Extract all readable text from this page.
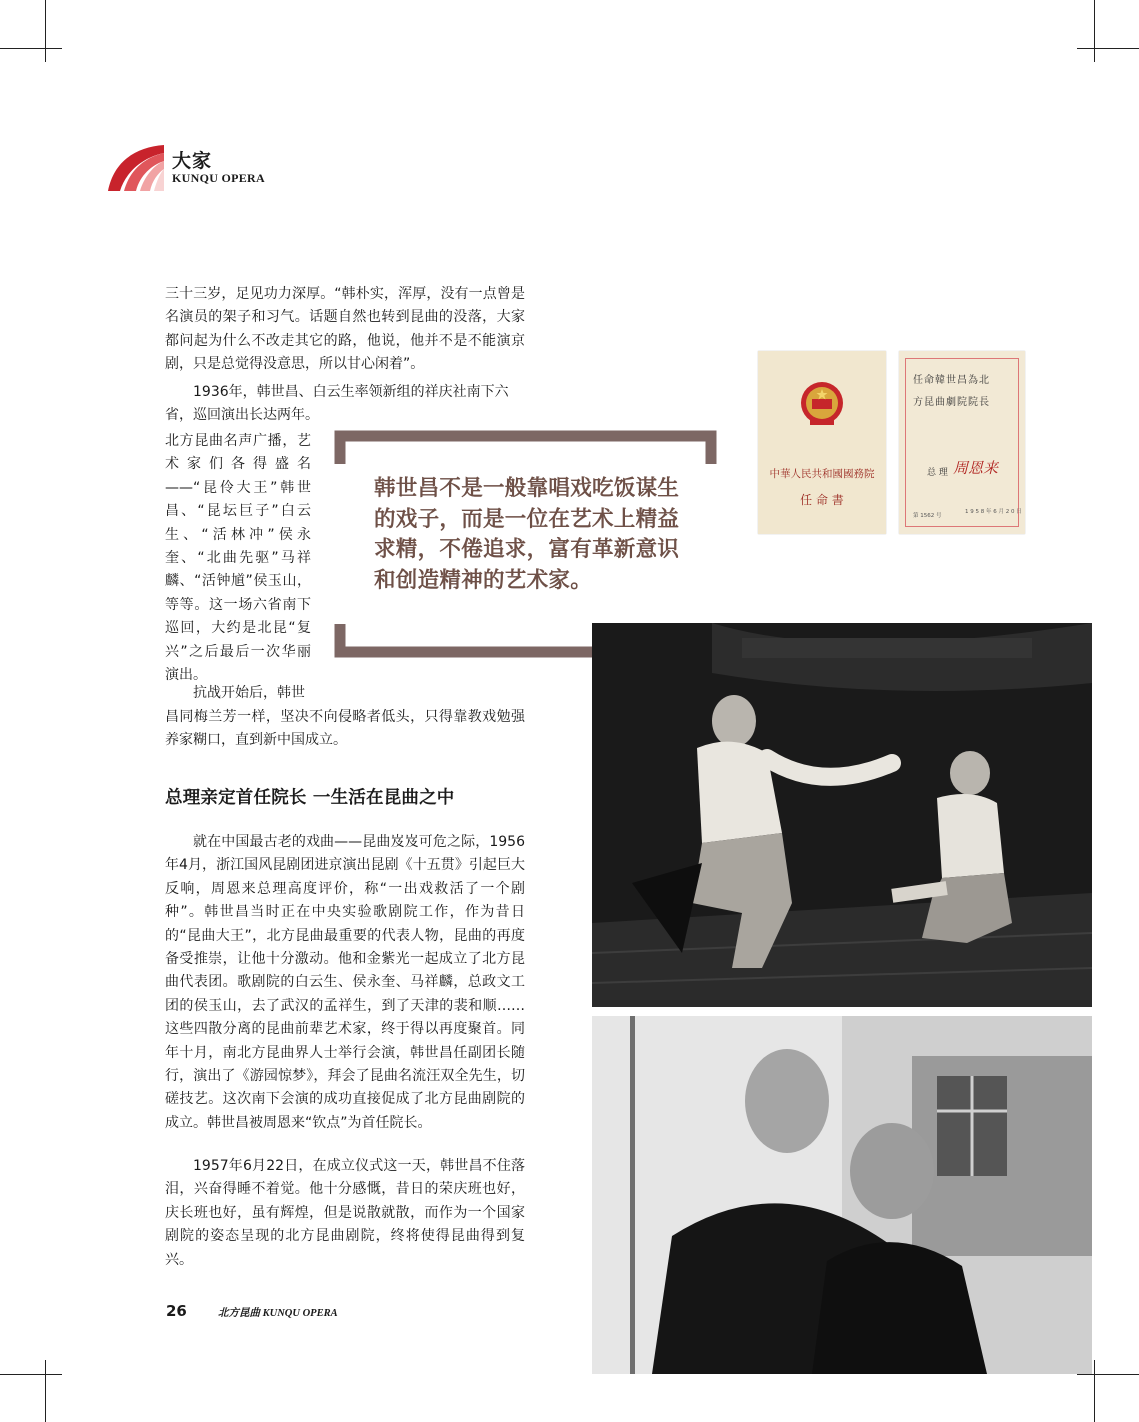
大家
KUNQU OPERA
三十三岁，足见功力深厚。“韩朴实，浑厚，没有一点曾是名演员的架子和习气。话题自然也转到昆曲的没落，大家都问起为什么不改走其它的路，他说，他并不是不能演京剧，只是总觉得没意思，所以甘心闲着”。
1936年，韩世昌、白云生率领新组的祥庆社南下六
省，巡回演出长达两年。
北方昆曲名声广播，艺术家们各得盛名——“昆伶大王”韩世昌、“昆坛巨子”白云生、“活林冲”侯永奎、“北曲先驱”马祥麟、“活钟馗”侯玉山，等等。这一场六省南下巡回，大约是北昆“复兴”之后最后一次华丽演出。
抗战开始后，韩世
昌同梅兰芳一样，坚决不向侵略者低头，只得靠教戏勉强养家糊口，直到新中国成立。
总理亲定首任院长 一生活在昆曲之中
就在中国最古老的戏曲——昆曲岌岌可危之际，1956年4月，浙江国风昆剧团进京演出昆剧《十五贯》引起巨大反响，周恩来总理高度评价，称“一出戏救活了一个剧种”。韩世昌当时正在中央实验歌剧院工作，作为昔日的“昆曲大王”，北方昆曲最重要的代表人物，昆曲的再度备受推崇，让他十分激动。他和金紫光一起成立了北方昆曲代表团。歌剧院的白云生、侯永奎、马祥麟，总政文工团的侯玉山，去了武汉的孟祥生，到了天津的裴和顺……这些四散分离的昆曲前辈艺术家，终于得以再度聚首。同年十月，南北方昆曲界人士举行会演，韩世昌任副团长随行，演出了《游园惊梦》，拜会了昆曲名流汪双全先生，切磋技艺。这次南下会演的成功直接促成了北方昆曲剧院的成立。韩世昌被周恩来“钦点”为首任院长。
1957年6月22日，在成立仪式这一天，韩世昌不住落泪，兴奋得睡不着觉。他十分感慨，昔日的荣庆班也好，庆长班也好，虽有辉煌，但是说散就散，而作为一个国家剧院的姿态呈现的北方昆曲剧院，终将使得昆曲得到复兴。
韩世昌不是一般靠唱戏吃饭谋生的戏子，而是一位在艺术上精益求精，不倦追求，富有革新意识和创造精神的艺术家。
中華人民共和國國務院
任 命 書
任命韓世昌為北
方昆曲劇院院長
总 理 周恩来
第 1562 号
1 9 5 8 年 6 月 2 0 日
26	北方昆曲 KUNQU OPERA
